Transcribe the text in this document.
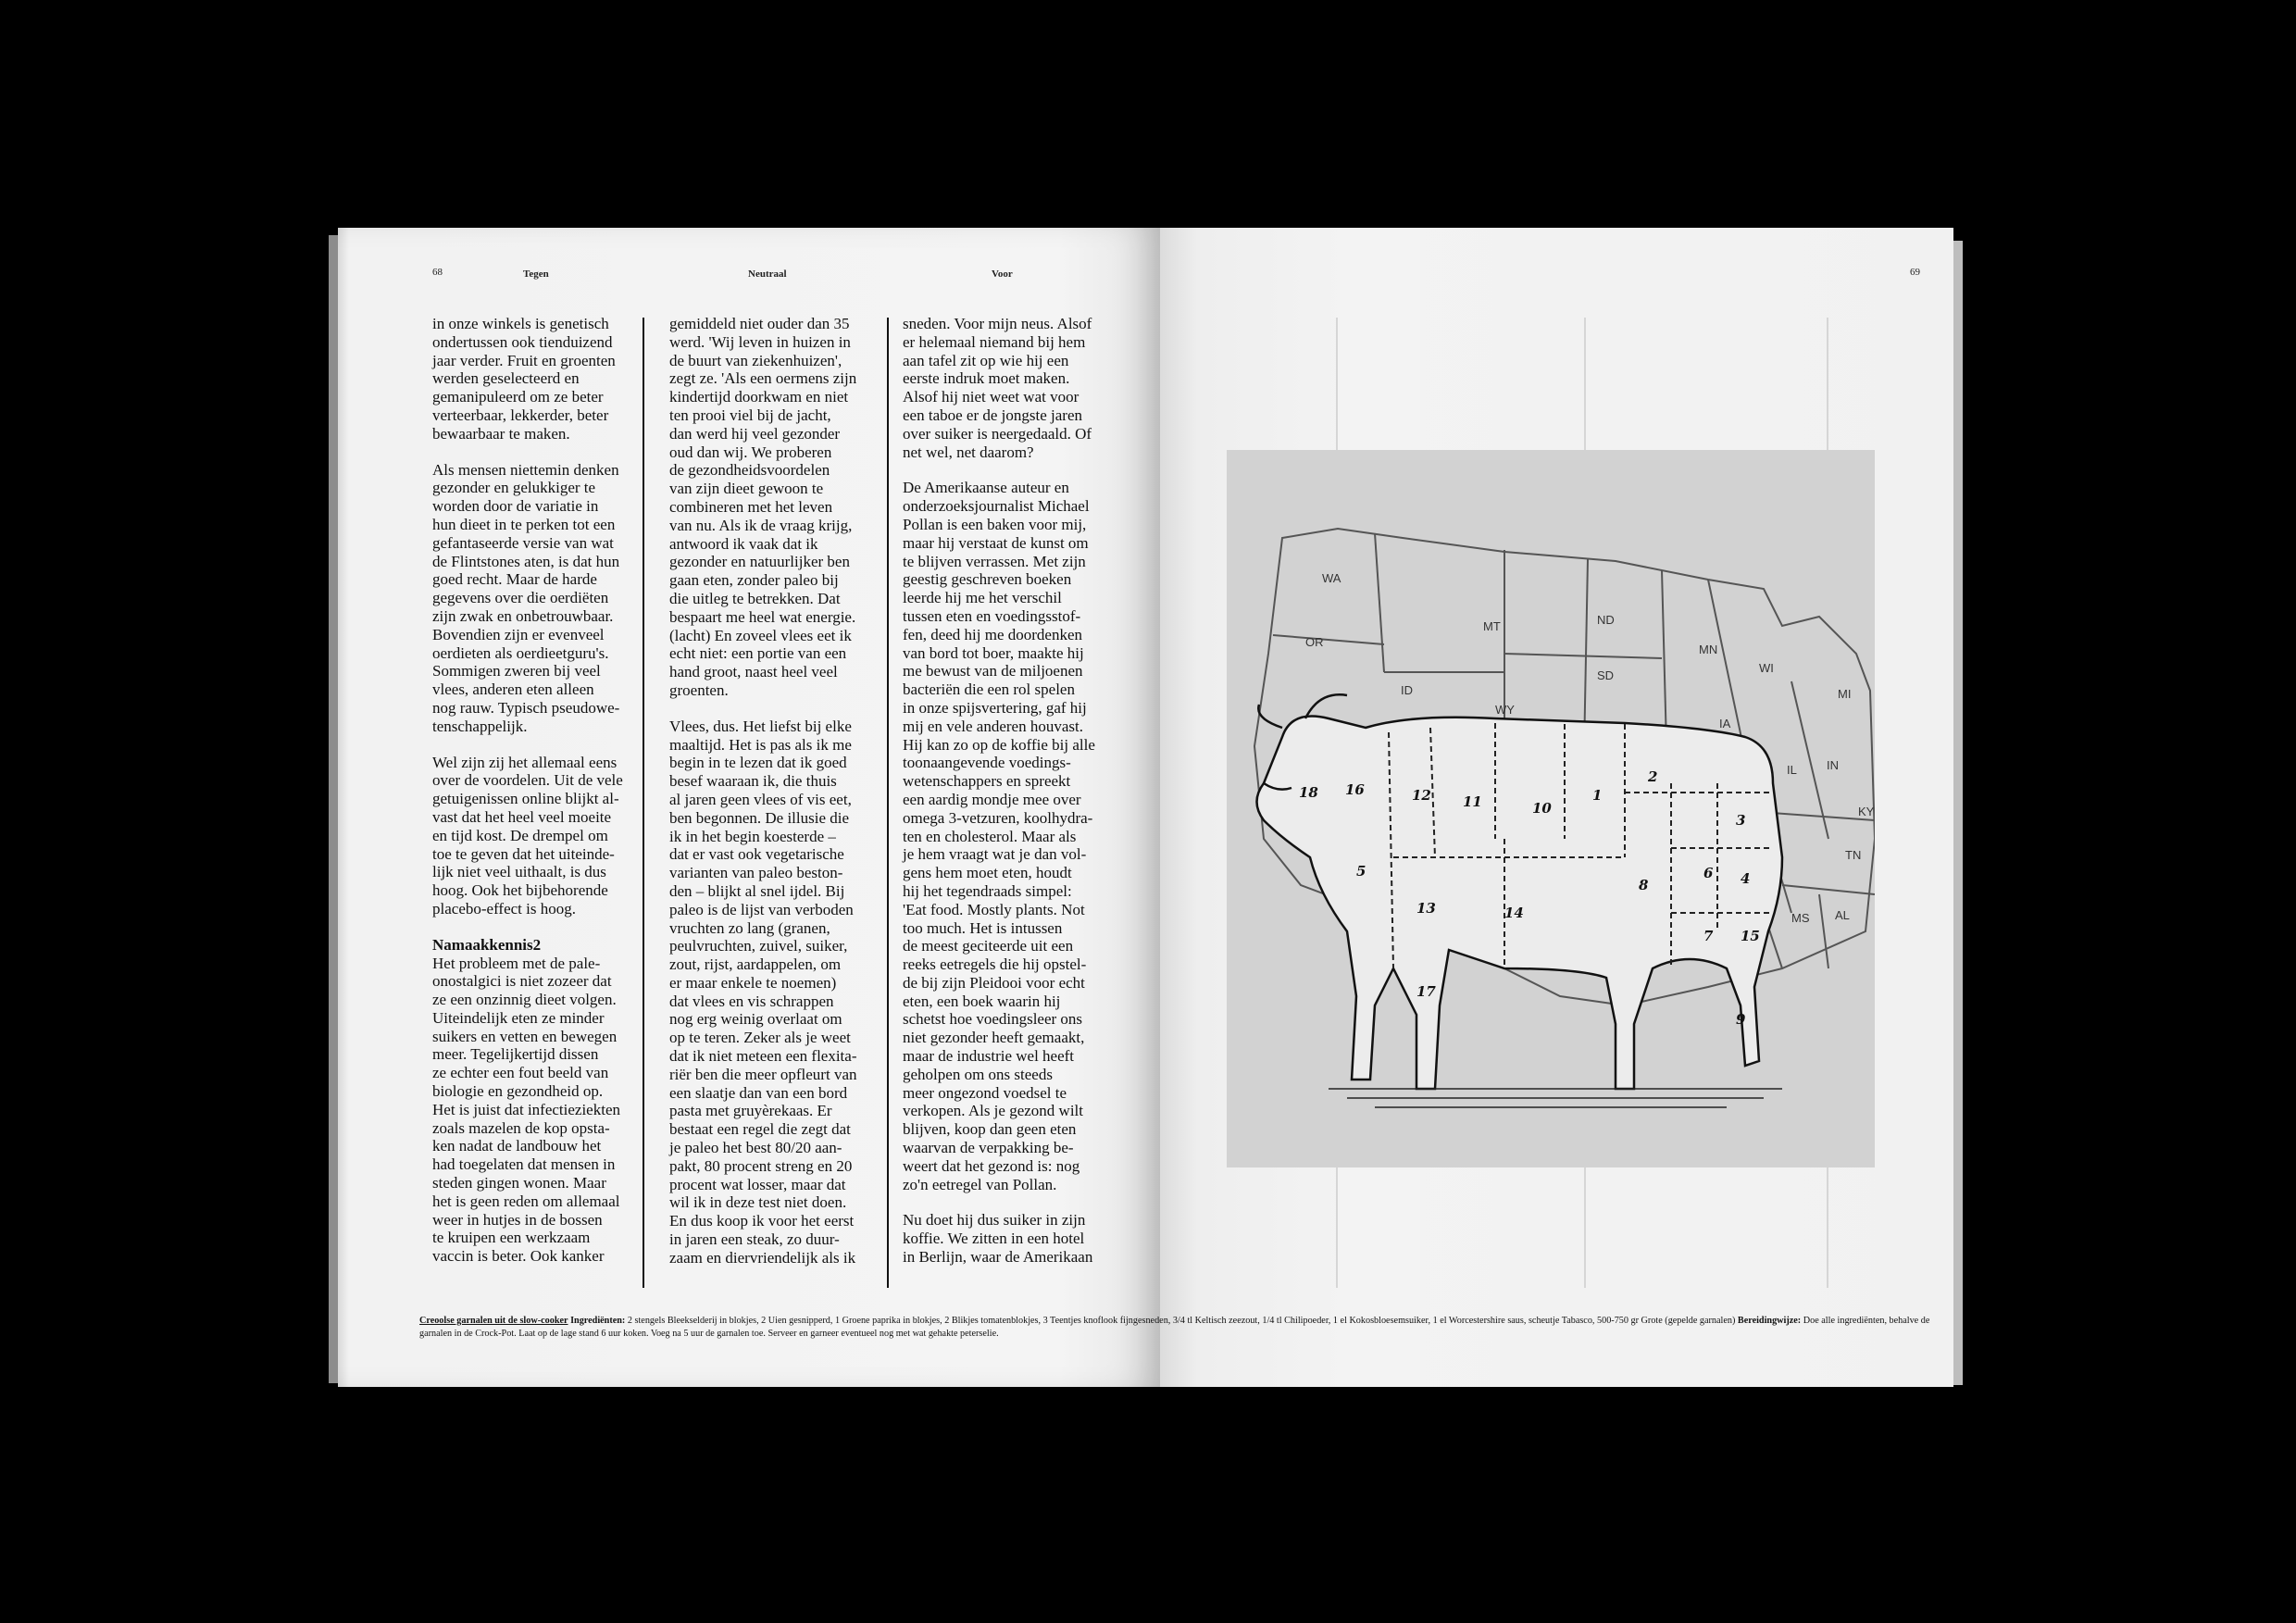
68	Tegen	Neutraal	Voor

in onze winkels is genetisch
ondertussen ook tienduizend
jaar verder. Fruit en groenten
werden geselecteerd en
gemanipuleerd om ze beter
verteerbaar, lekkerder, beter
bewaarbaar te maken.

Als mensen niettemin denken
gezonder en gelukkiger te
worden door de variatie in
hun dieet in te perken tot een
gefantaseerde versie van wat
de Flintstones aten, is dat hun
goed recht. Maar de harde
gegevens over die oerdiëten
zijn zwak en onbetrouwbaar.
Bovendien zijn er evenveel
oerdieten als oerdieetguru's.
Sommigen zweren bij veel
vlees, anderen eten alleen
nog rauw. Typisch pseudowe-
tenschappelijk.

Wel zijn zij het allemaal eens
over de voordelen. Uit de vele
getuigenissen online blijkt al-
vast dat het heel veel moeite
en tijd kost. De drempel om
toe te geven dat het uiteinde-
lijk niet veel uithaalt, is dus
hoog. Ook het bijbehorende
placebo-effect is hoog.

Namaakkennis2

Het probleem met de pale-
onostalgici is niet zozeer dat
ze een onzinnig dieet volgen.
Uiteindelijk eten ze minder
suikers en vetten en bewegen
meer. Tegelijkertijd dissen
ze echter een fout beeld van
biologie en gezondheid op.
Het is juist dat infectieziekten
zoals mazelen de kop opsta-
ken nadat de landbouw het
had toegelaten dat mensen in
steden gingen wonen. Maar
het is geen reden om allemaal
weer in hutjes in de bossen
te kruipen een werkzaam
vaccin is beter. Ook kanker

gemiddeld niet ouder dan 35
werd. 'Wij leven in huizen in
de buurt van ziekenhuizen',
zegt ze. 'Als een oermens zijn
kindertijd doorkwam en niet
ten prooi viel bij de jacht,
dan werd hij veel gezonder
oud dan wij. We proberen
de gezondheidsvoordelen
van zijn dieet gewoon te
combineren met het leven
van nu. Als ik de vraag krijg,
antwoord ik vaak dat ik
gezonder en natuurlijker ben
gaan eten, zonder paleo bij
die uitleg te betrekken. Dat
bespaart me heel wat energie.
(lacht) En zoveel vlees eet ik
echt niet: een portie van een
hand groot, naast heel veel
groenten.

Vlees, dus. Het liefst bij elke
maaltijd. Het is pas als ik me
begin in te lezen dat ik goed
besef waaraan ik, die thuis
al jaren geen vlees of vis eet,
ben begonnen. De illusie die
ik in het begin koesterde –
dat er vast ook vegetarische
varianten van paleo beston-
den – blijkt al snel ijdel. Bij
paleo is de lijst van verboden
vruchten zo lang (granen,
peulvruchten, zuivel, suiker,
zout, rijst, aardappelen, om
er maar enkele te noemen)
dat vlees en vis schrappen
nog erg weinig overlaat om
op te teren. Zeker als je weet
dat ik niet meteen een flexita-
riër ben die meer opfleurt van
een slaatje dan van een bord
pasta met gruyèrekaas. Er
bestaat een regel die zegt dat
je paleo het best 80/20 aan-
pakt, 80 procent streng en 20
procent wat losser, maar dat
wil ik in deze test niet doen.
En dus koop ik voor het eerst
in jaren een steak, zo duur-
zaam en diervriendelijk als ik

sneden. Voor mijn neus. Alsof
er helemaal niemand bij hem
aan tafel zit op wie hij een
eerste indruk moet maken.
Alsof hij niet weet wat voor
een taboe er de jongste jaren
over suiker is neergedaald. Of
net wel, net daarom?

De Amerikaanse auteur en
onderzoeksjournalist Michael
Pollan is een baken voor mij,
maar hij verstaat de kunst om
te blijven verrassen. Met zijn
geestig geschreven boeken
leerde hij me het verschil
tussen eten en voedingsstof-
fen, deed hij me doordenken
van bord tot boer, maakte hij
me bewust van de miljoenen
bacteriën die een rol spelen
in onze spijsvertering, gaf hij
mij en vele anderen houvast.
Hij kan zo op de koffie bij alle
toonaangevende voedings-
wetenschappers en spreekt
een aardig mondje mee over
omega 3-vetzuren, koolhydra-
ten en cholesterol. Maar als
je hem vraagt wat je dan vol-
gens hem moet eten, houdt
hij het tegendraads simpel:
'Eat food. Mostly plants. Not
too much. Het is intussen
de meest geciteerde uit een
reeks eetregels die hij opstel-
de bij zijn Pleidooi voor echt
eten, een boek waarin hij
schetst hoe voedingsleer ons
niet gezonder heeft gemaakt,
maar de industrie wel heeft
geholpen om ons steeds
meer ongezond voedsel te
verkopen. Als je gezond wilt
blijven, koop dan geen eten
waarvan de verpakking be-
weert dat het gezond is: nog
zo'n eetregel van Pollan.

Nu doet hij dus suiker in zijn
koffie. We zitten in een hotel
in Berlijn, waar de Amerikaan

69
WA
OR
ID
MT	ND
SD
WY
MN
WI
MI
IA
IL IN
KY
TN
MS AL
18 16	12 11	10
1
2
3
4
6
5
7
8
13	14
15
9
17
Creoolse garnalen uit de slow-cooker Ingrediënten: 2 stengels Bleekselderij in blokjes, 2 Uien gesnipperd, 1 Groene paprika in blokjes, 2 Blikjes tomatenblokjes, 3 Teentjes knoflook fijngesneden, 3/4 tl Keltisch zeezout, 1/4 tl Chilipoeder, 1 el Kokosbloesemsuiker, 1 el Worcestershire saus, scheutje Tabasco, 500-750 gr Grote (gepelde garnalen) Bereidingwijze: Doe alle ingrediënten, behalve de garnalen in de Crock-Pot. Laat op de lage stand 6 uur koken. Voeg na 5 uur de garnalen toe. Serveer en garneer eventueel nog met wat gehakte peterselie.
